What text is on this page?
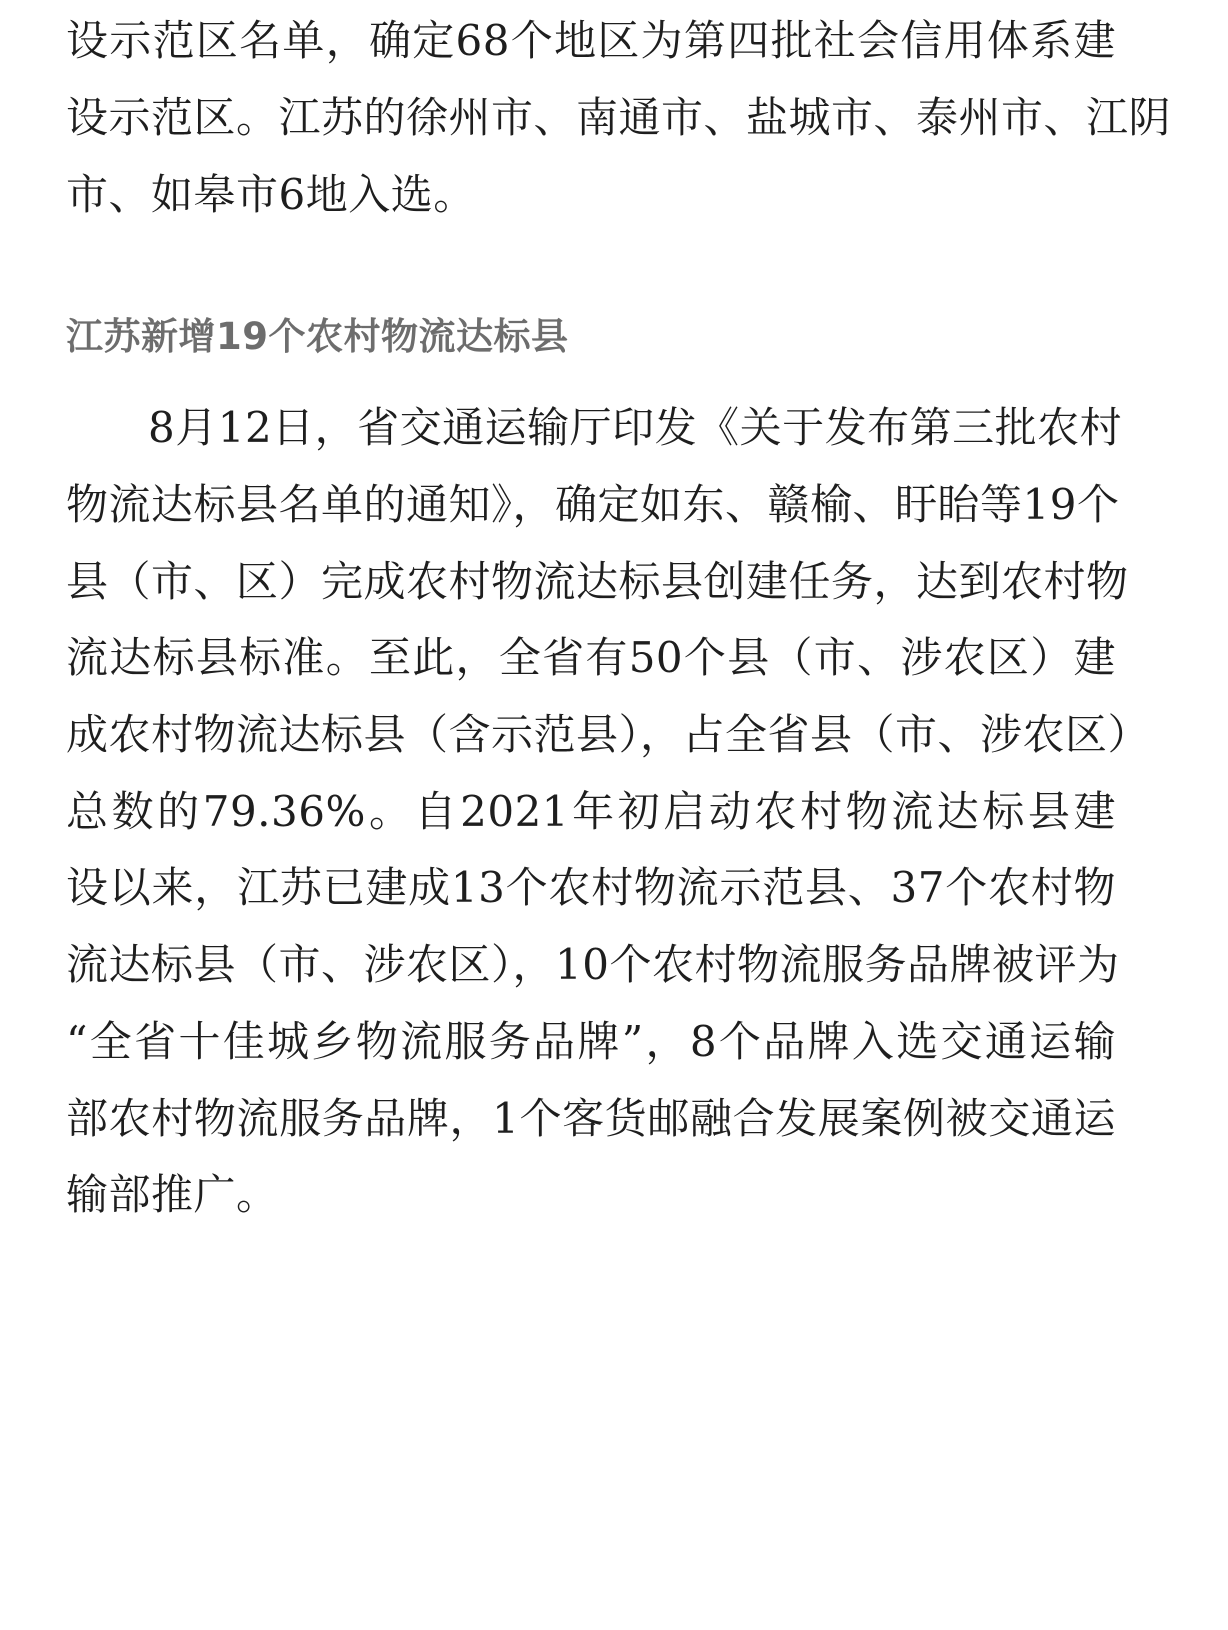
设示范区名单，确定68个地区为第四批社会信用体系建
设示范区。江苏的徐州市、南通市、盐城市、泰州市、江阴
市、如皋市6地入选。
江苏新增19个农村物流达标县
8月12日，省交通运输厅印发《关于发布第三批农村
物流达标县名单的通知》，确定如东、赣榆、盱眙等19个
县（市、区）完成农村物流达标县创建任务，达到农村物
流达标县标准。至此，全省有50个县（市、涉农区）建
成农村物流达标县（含示范县），占全省县（市、涉农区）
总数的79.36%。自2021年初启动农村物流达标县建
设以来，江苏已建成13个农村物流示范县、37个农村物
流达标县（市、涉农区），10个农村物流服务品牌被评为
“全省十佳城乡物流服务品牌”，8个品牌入选交通运输
部农村物流服务品牌，1个客货邮融合发展案例被交通运
输部推广。
